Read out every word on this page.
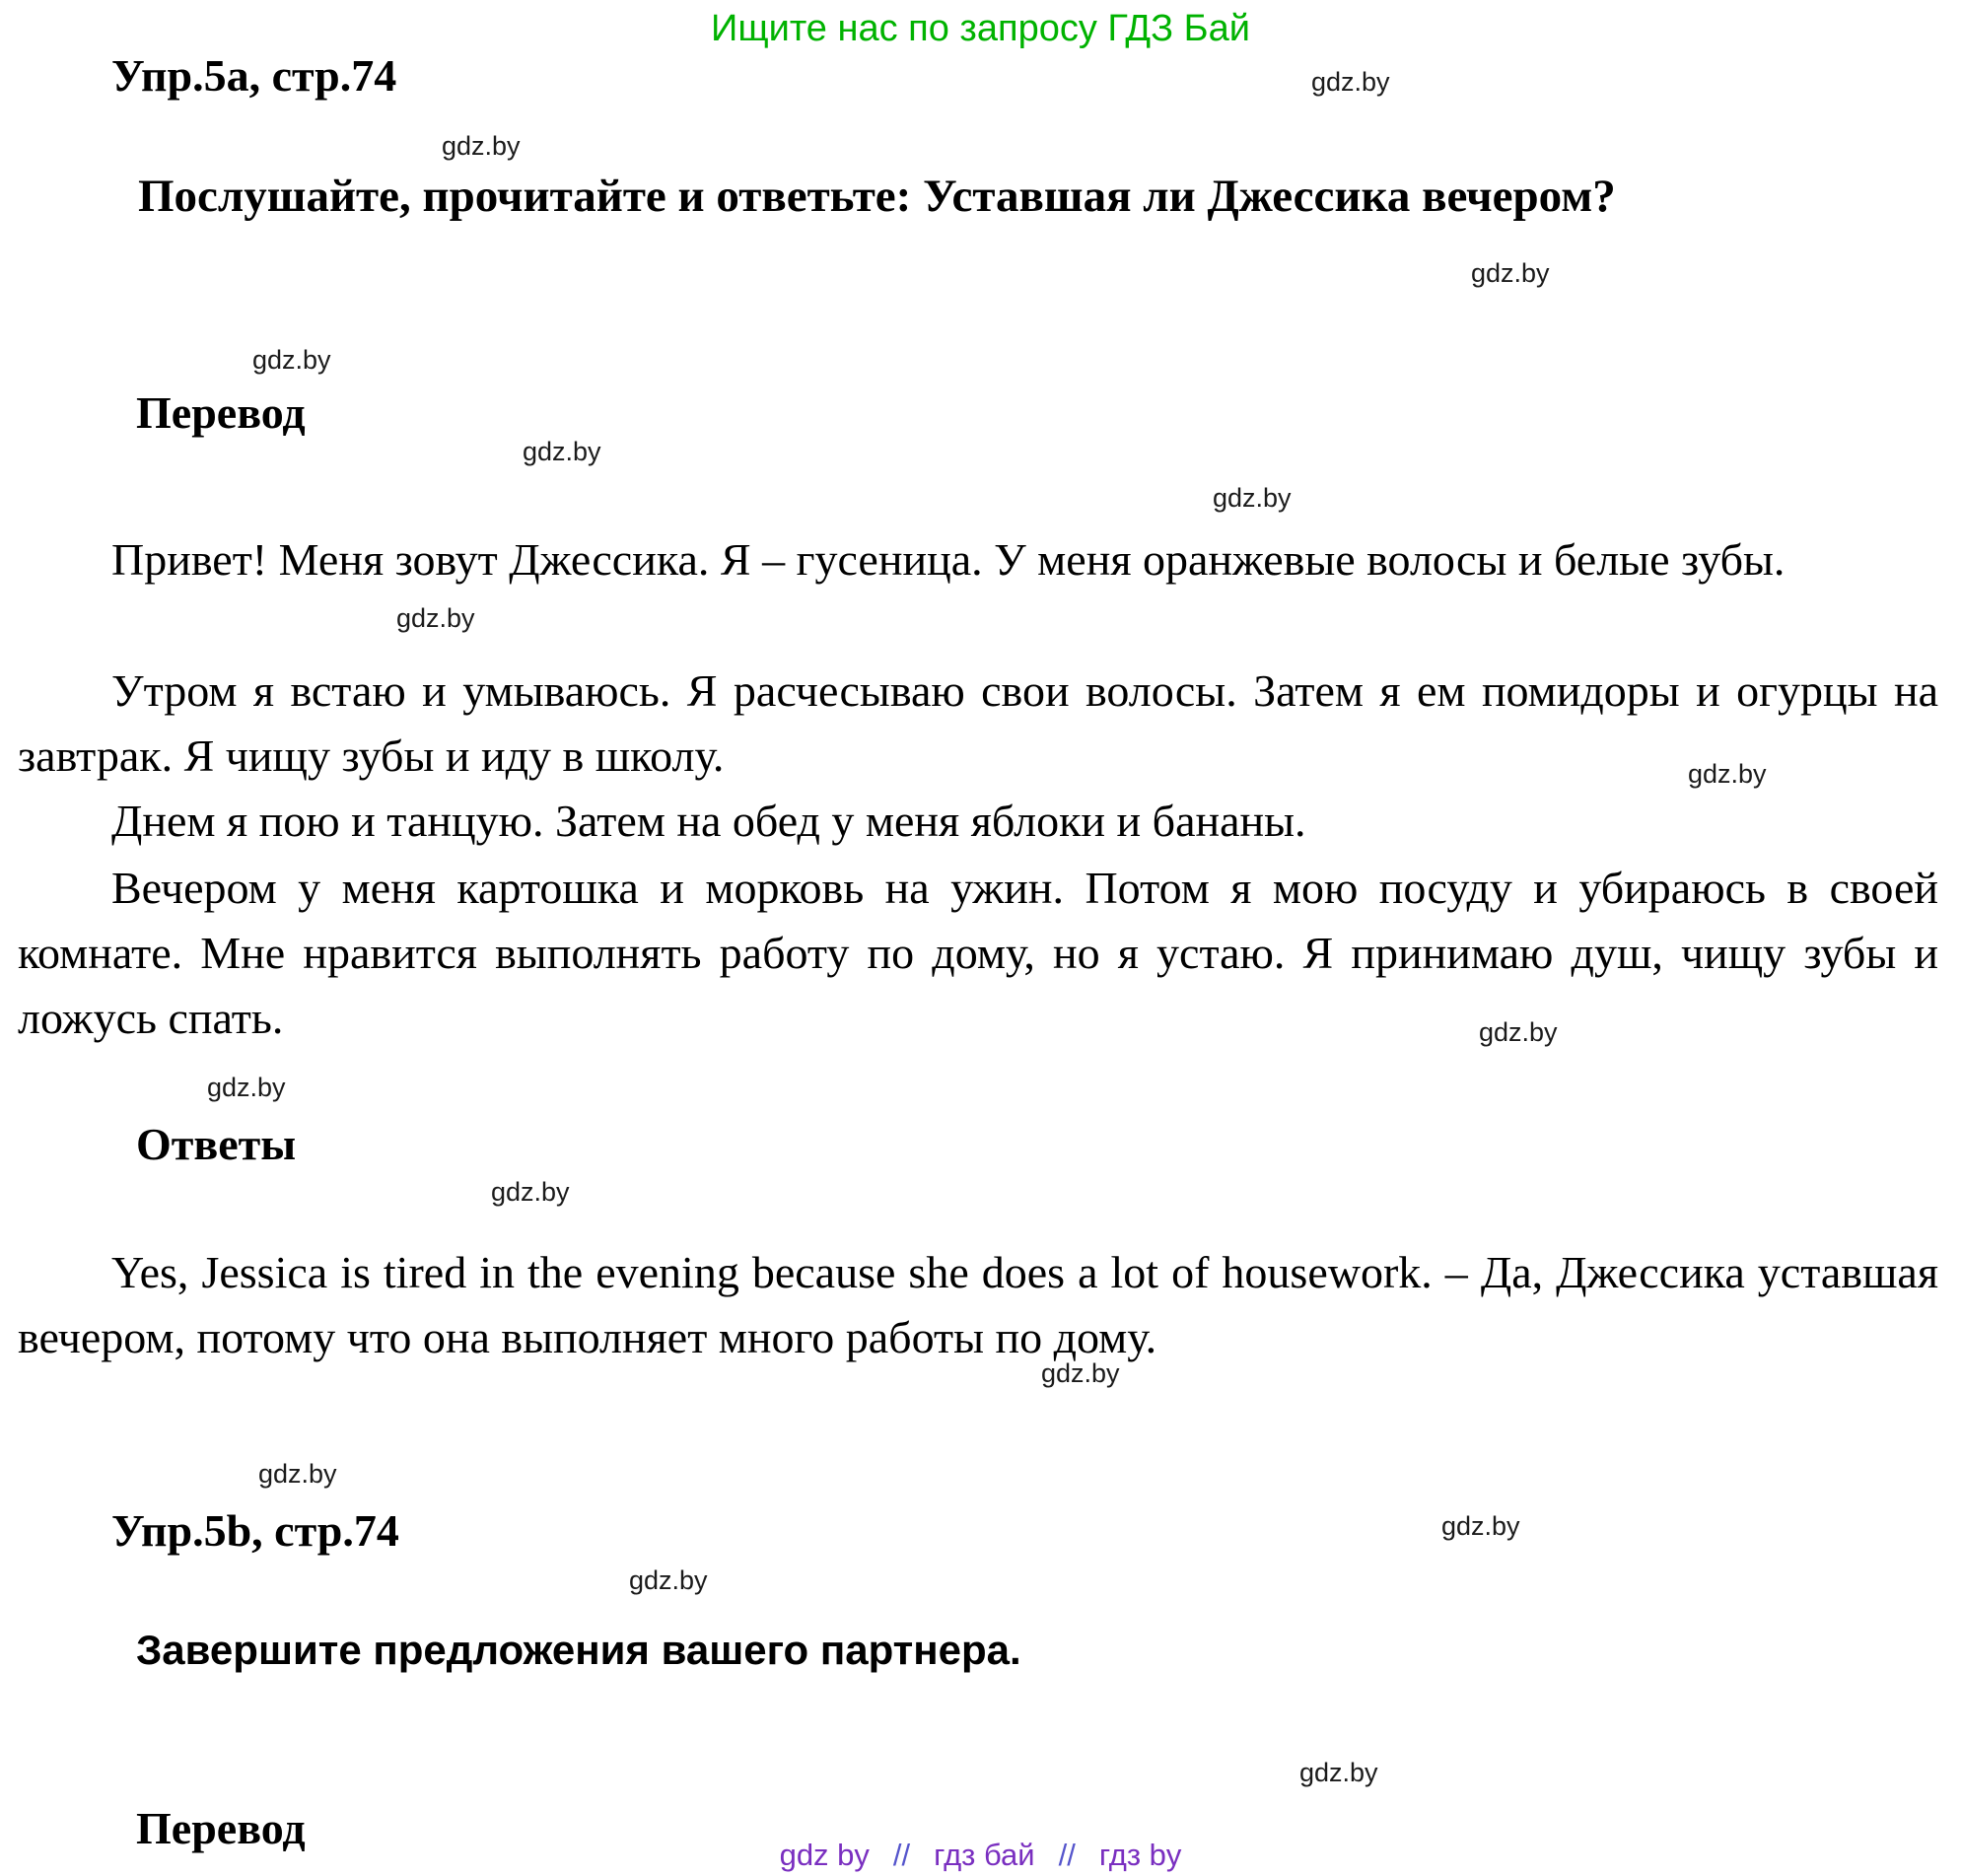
Ищите нас по запросу ГДЗ Бай
Упр.5а, стр.74

Послушайте, прочитайте и ответьте: Уставшая ли Джессика вечером?

Перевод

Привет! Меня зовут Джессика. Я – гусеница. У меня оранжевые волосы и белые зубы.

Утром я встаю и умываюсь. Я расчесываю свои волосы. Затем я ем помидоры и огурцы на завтрак. Я чищу зубы и иду в школу.

Днем я пою и танцую. Затем на обед у меня яблоки и бананы.

Вечером у меня картошка и морковь на ужин. Потом я мою посуду и убираюсь в своей комнате. Мне нравится выполнять работу по дому, но я устаю. Я принимаю душ, чищу зубы и ложусь спать.

Ответы

Yes, Jessica is tired in the evening because she does a lot of housework. – Да, Джессика уставшая вечером, потому что она выполняет много работы по дому.

Упр.5b, стр.74
Завершите предложения вашего партнера.
Перевод
gdz.by
gdz.by
gdz.by
gdz.by
gdz.by
gdz.by
gdz.by
gdz.by
gdz.by
gdz.by
gdz.by
gdz.by
gdz.by
gdz.by
gdz.by
gdz.by
gdz by // гдз бай // гдз by
